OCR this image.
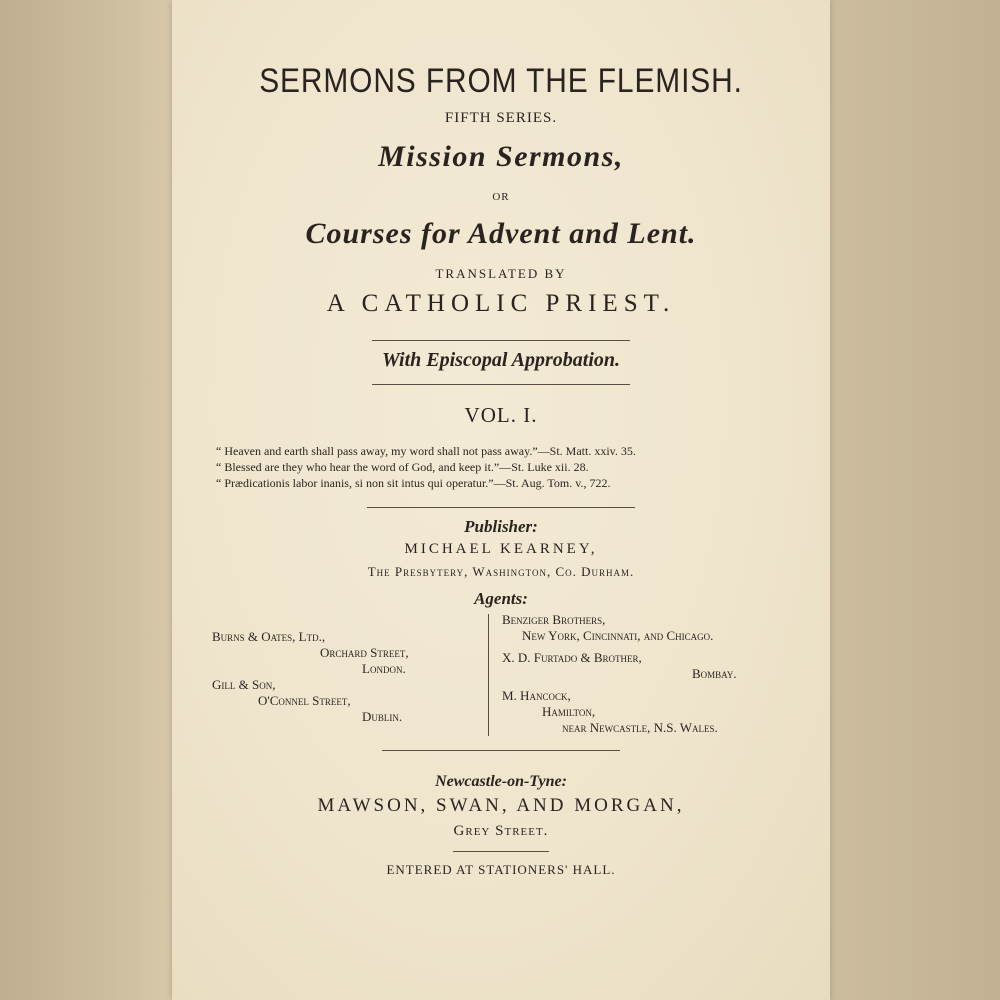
SERMONS FROM THE FLEMISH.
FIFTH SERIES.
Mission Sermons,
OR
Courses for Advent and Lent.
TRANSLATED BY
A CATHOLIC PRIEST.
With Episcopal Approbation.
VOL. I.
“ Heaven and earth shall pass away, my word shall not pass away.”—St. Matt. xxiv. 35.
“ Blessed are they who hear the word of God, and keep it.”—St. Luke xii. 28.
“ Prædicationis labor inanis, si non sit intus qui operatur.”—St. Aug. Tom. v., 722.
Publisher:
MICHAEL KEARNEY,
The Presbytery, Washington, Co. Durham.
Agents:
Burns & Oates, Ltd.,
Orchard Street,
London.
Gill & Son,
O'Connel Street,
Dublin.
Benziger Brothers,
New York, Cincinnati, and Chicago.
X. D. Furtado & Brother,
Bombay.
M. Hancock,
Hamilton,
near Newcastle, N.S. Wales.
Newcastle-on-Tyne:
MAWSON, SWAN, AND MORGAN,
Grey Street.
ENTERED AT STATIONERS' HALL.
